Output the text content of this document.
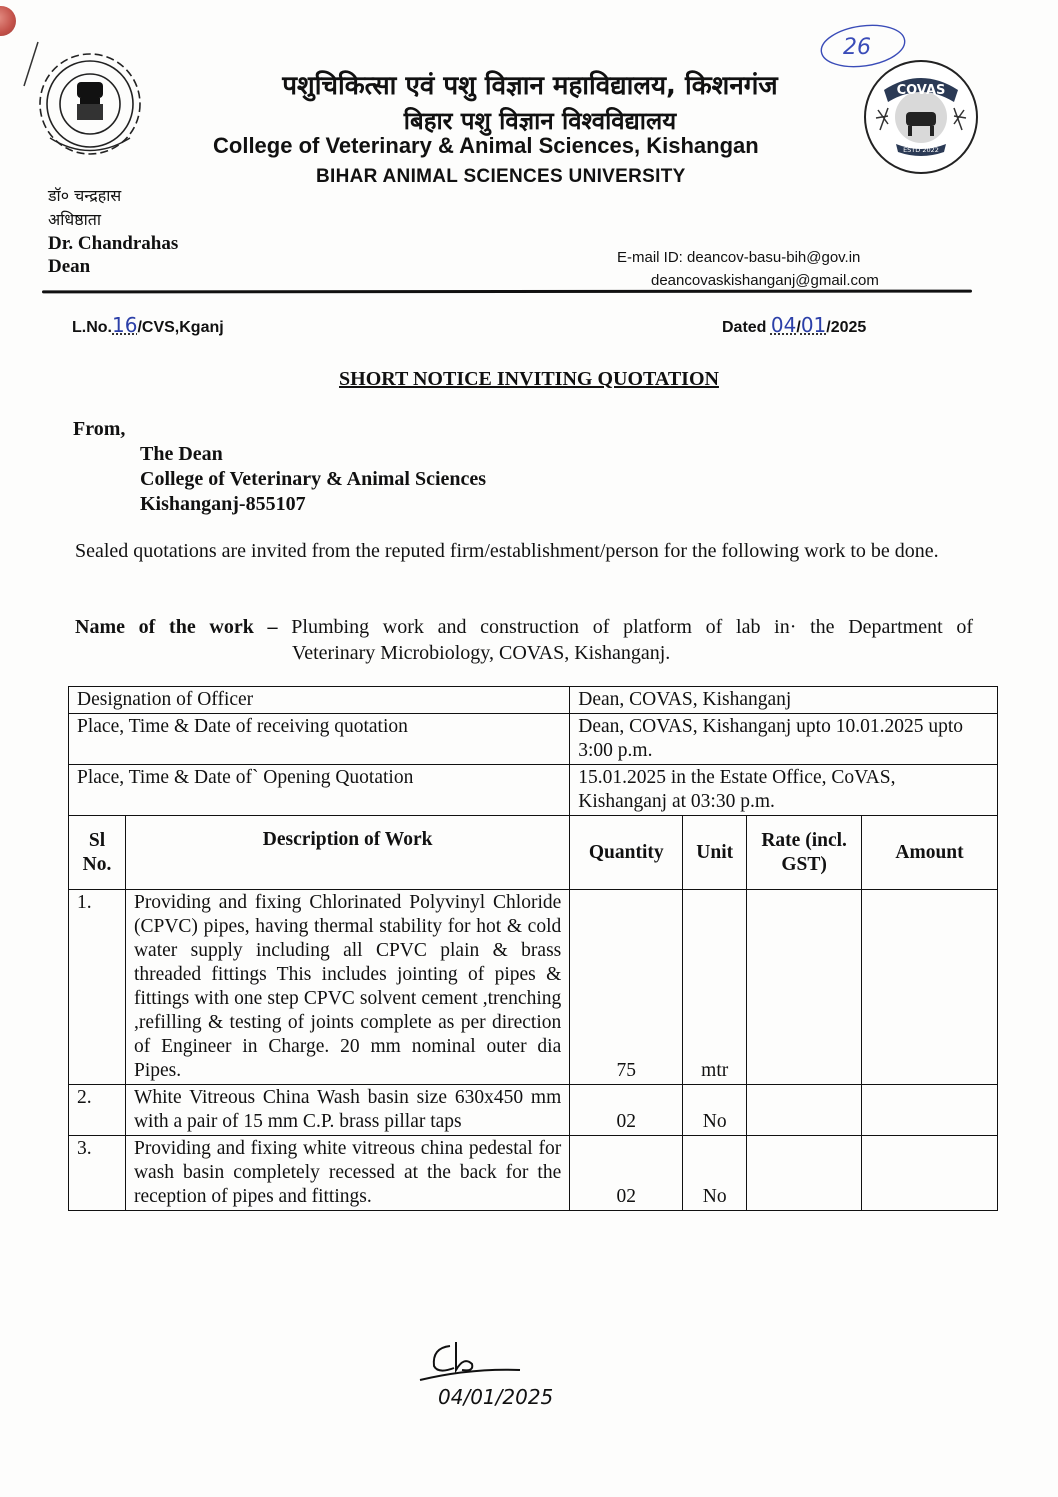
पशुचिकित्सा एवं पशु विज्ञान महाविद्यालय, किशनगंज
बिहार पशु विज्ञान विश्वविद्यालय
College of Veterinary & Animal Sciences, Kishangan
BIHAR ANIMAL SCIENCES UNIVERSITY
26
COVAS
ESTD 2022
डॉ० चन्द्रहास
अधिष्ठाता
Dr. Chandrahas
Dean	E-mail ID: deancov-basu-bih@gov.in
deancovaskishanganj@gmail.com
L.No.16/CVS,Kganj	Dated 04/01/2025
SHORT NOTICE INVITING QUOTATION
From,
The Dean
College of Veterinary & Animal Sciences
Kishanganj-855107
Sealed quotations are invited from the reputed firm/establishment/person for the following work to be done.
Name of the work – Plumbing work and construction of platform of lab in· the Department of
Veterinary Microbiology, COVAS, Kishanganj.
Designation of Officer		Dean, COVAS, Kishanganj			
Place, Time & Date of receiving quotation		Dean, COVAS, Kishanganj upto 10.01.2025 upto 3:00 p.m.			
Place, Time & Date of` Opening Quotation		15.01.2025 in the Estate Office, CoVAS, Kishanganj at 03:30 p.m.			
Sl No.	Description of Work	Quantity	Unit	Rate (incl. GST)	Amount
1.	Providing and fixing Chlorinated Polyvinyl Chloride (CPVC) pipes, having thermal stability for hot & cold water supply including all CPVC plain & brass threaded fittings This includes jointing of pipes & fittings with one step CPVC solvent cement ,trenching ,refilling & testing of joints complete as per direction of Engineer in Charge. 20 mm nominal outer dia Pipes.	75	mtr		
2.	White Vitreous China Wash basin size 630x450 mm with a pair of 15 mm C.P. brass pillar taps	02	No		
3.	Providing and fixing white vitreous china pedestal for wash basin completely recessed at the back for the reception of pipes and fittings.	02	No		
04/01/2025
